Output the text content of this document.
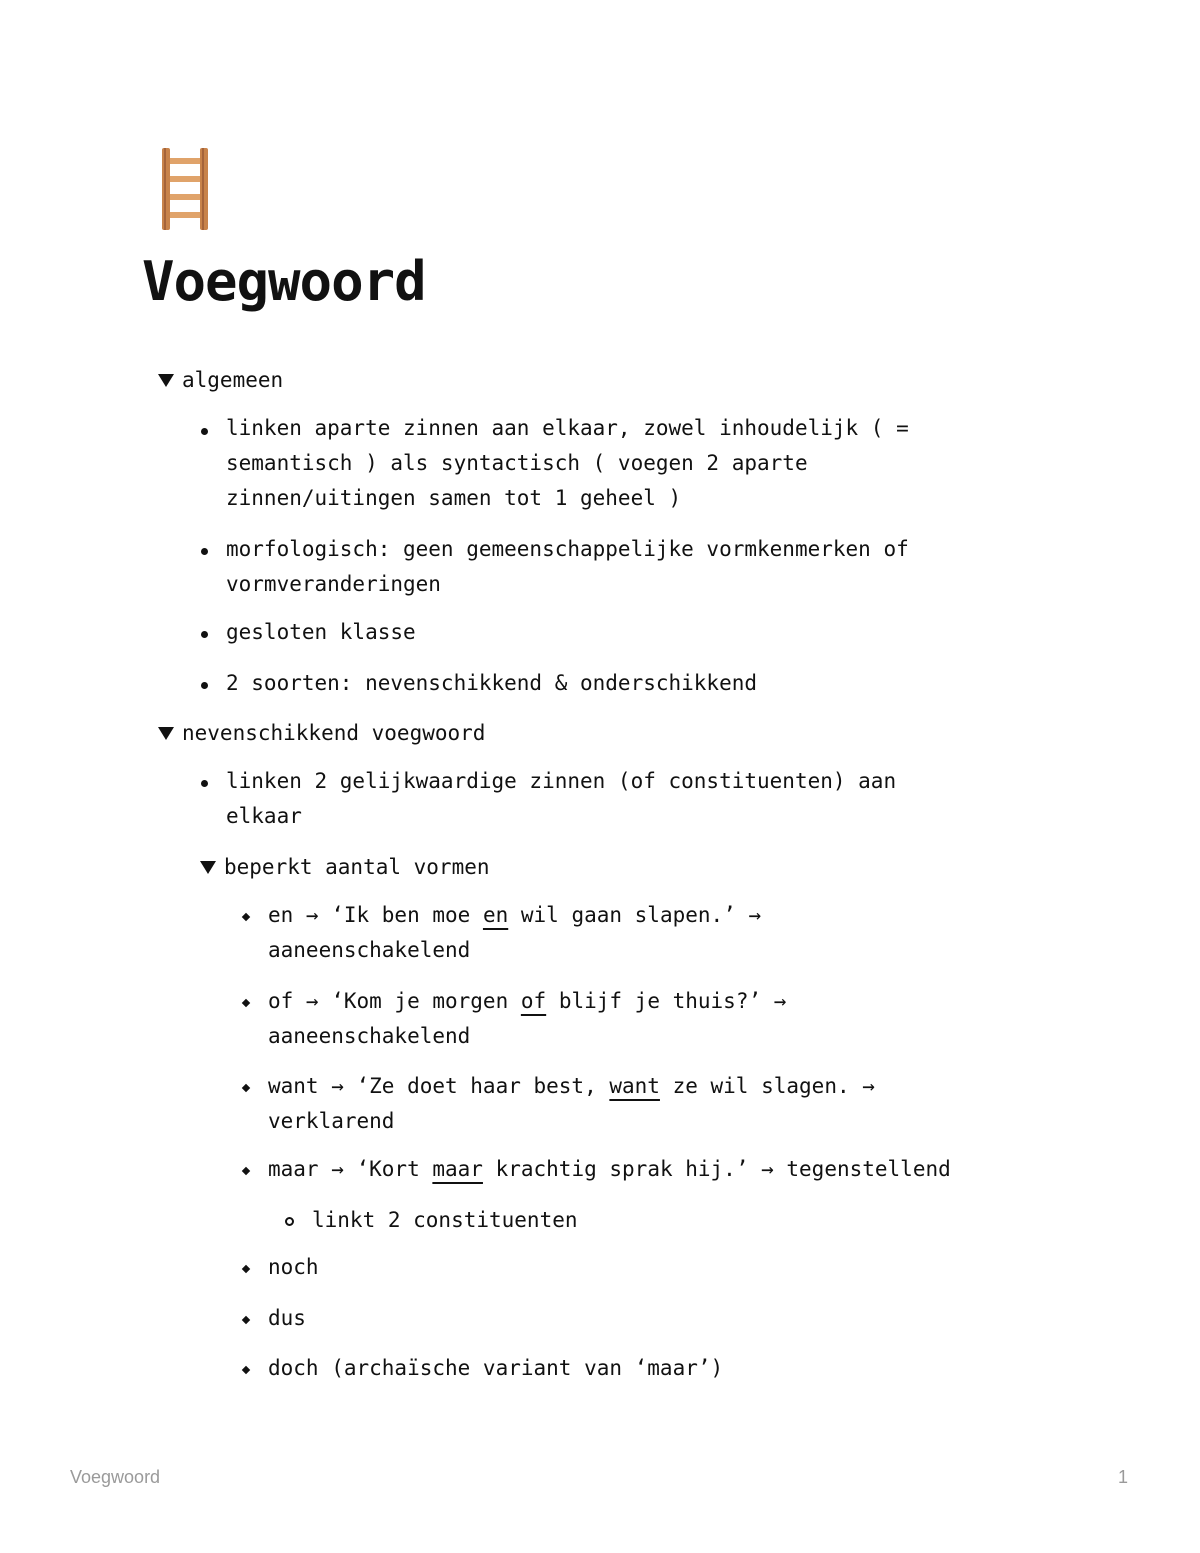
Voegwoord

algemeen

linken aparte zinnen aan elkaar, zowel inhoudelijk ( =

semantisch ) als syntactisch ( voegen 2 aparte

zinnen/uitingen samen tot 1 geheel )

morfologisch: geen gemeenschappelijke vormkenmerken of

vormveranderingen

gesloten klasse

2 soorten: nevenschikkend & onderschikkend

nevenschikkend voegwoord

linken 2 gelijkwaardige zinnen (of constituenten) aan

elkaar

beperkt aantal vormen

en → ‘Ik ben moe en wil gaan slapen.’ →

aaneenschakelend

of → ‘Kom je morgen of blijf je thuis?’ →

aaneenschakelend

want → ‘Ze doet haar best, want ze wil slagen. →

verklarend

maar → ‘Kort maar krachtig sprak hij.’ → tegenstellend

linkt 2 constituenten

noch

dus

doch (archaïsche variant van ‘maar’)

Voegwoord	1
